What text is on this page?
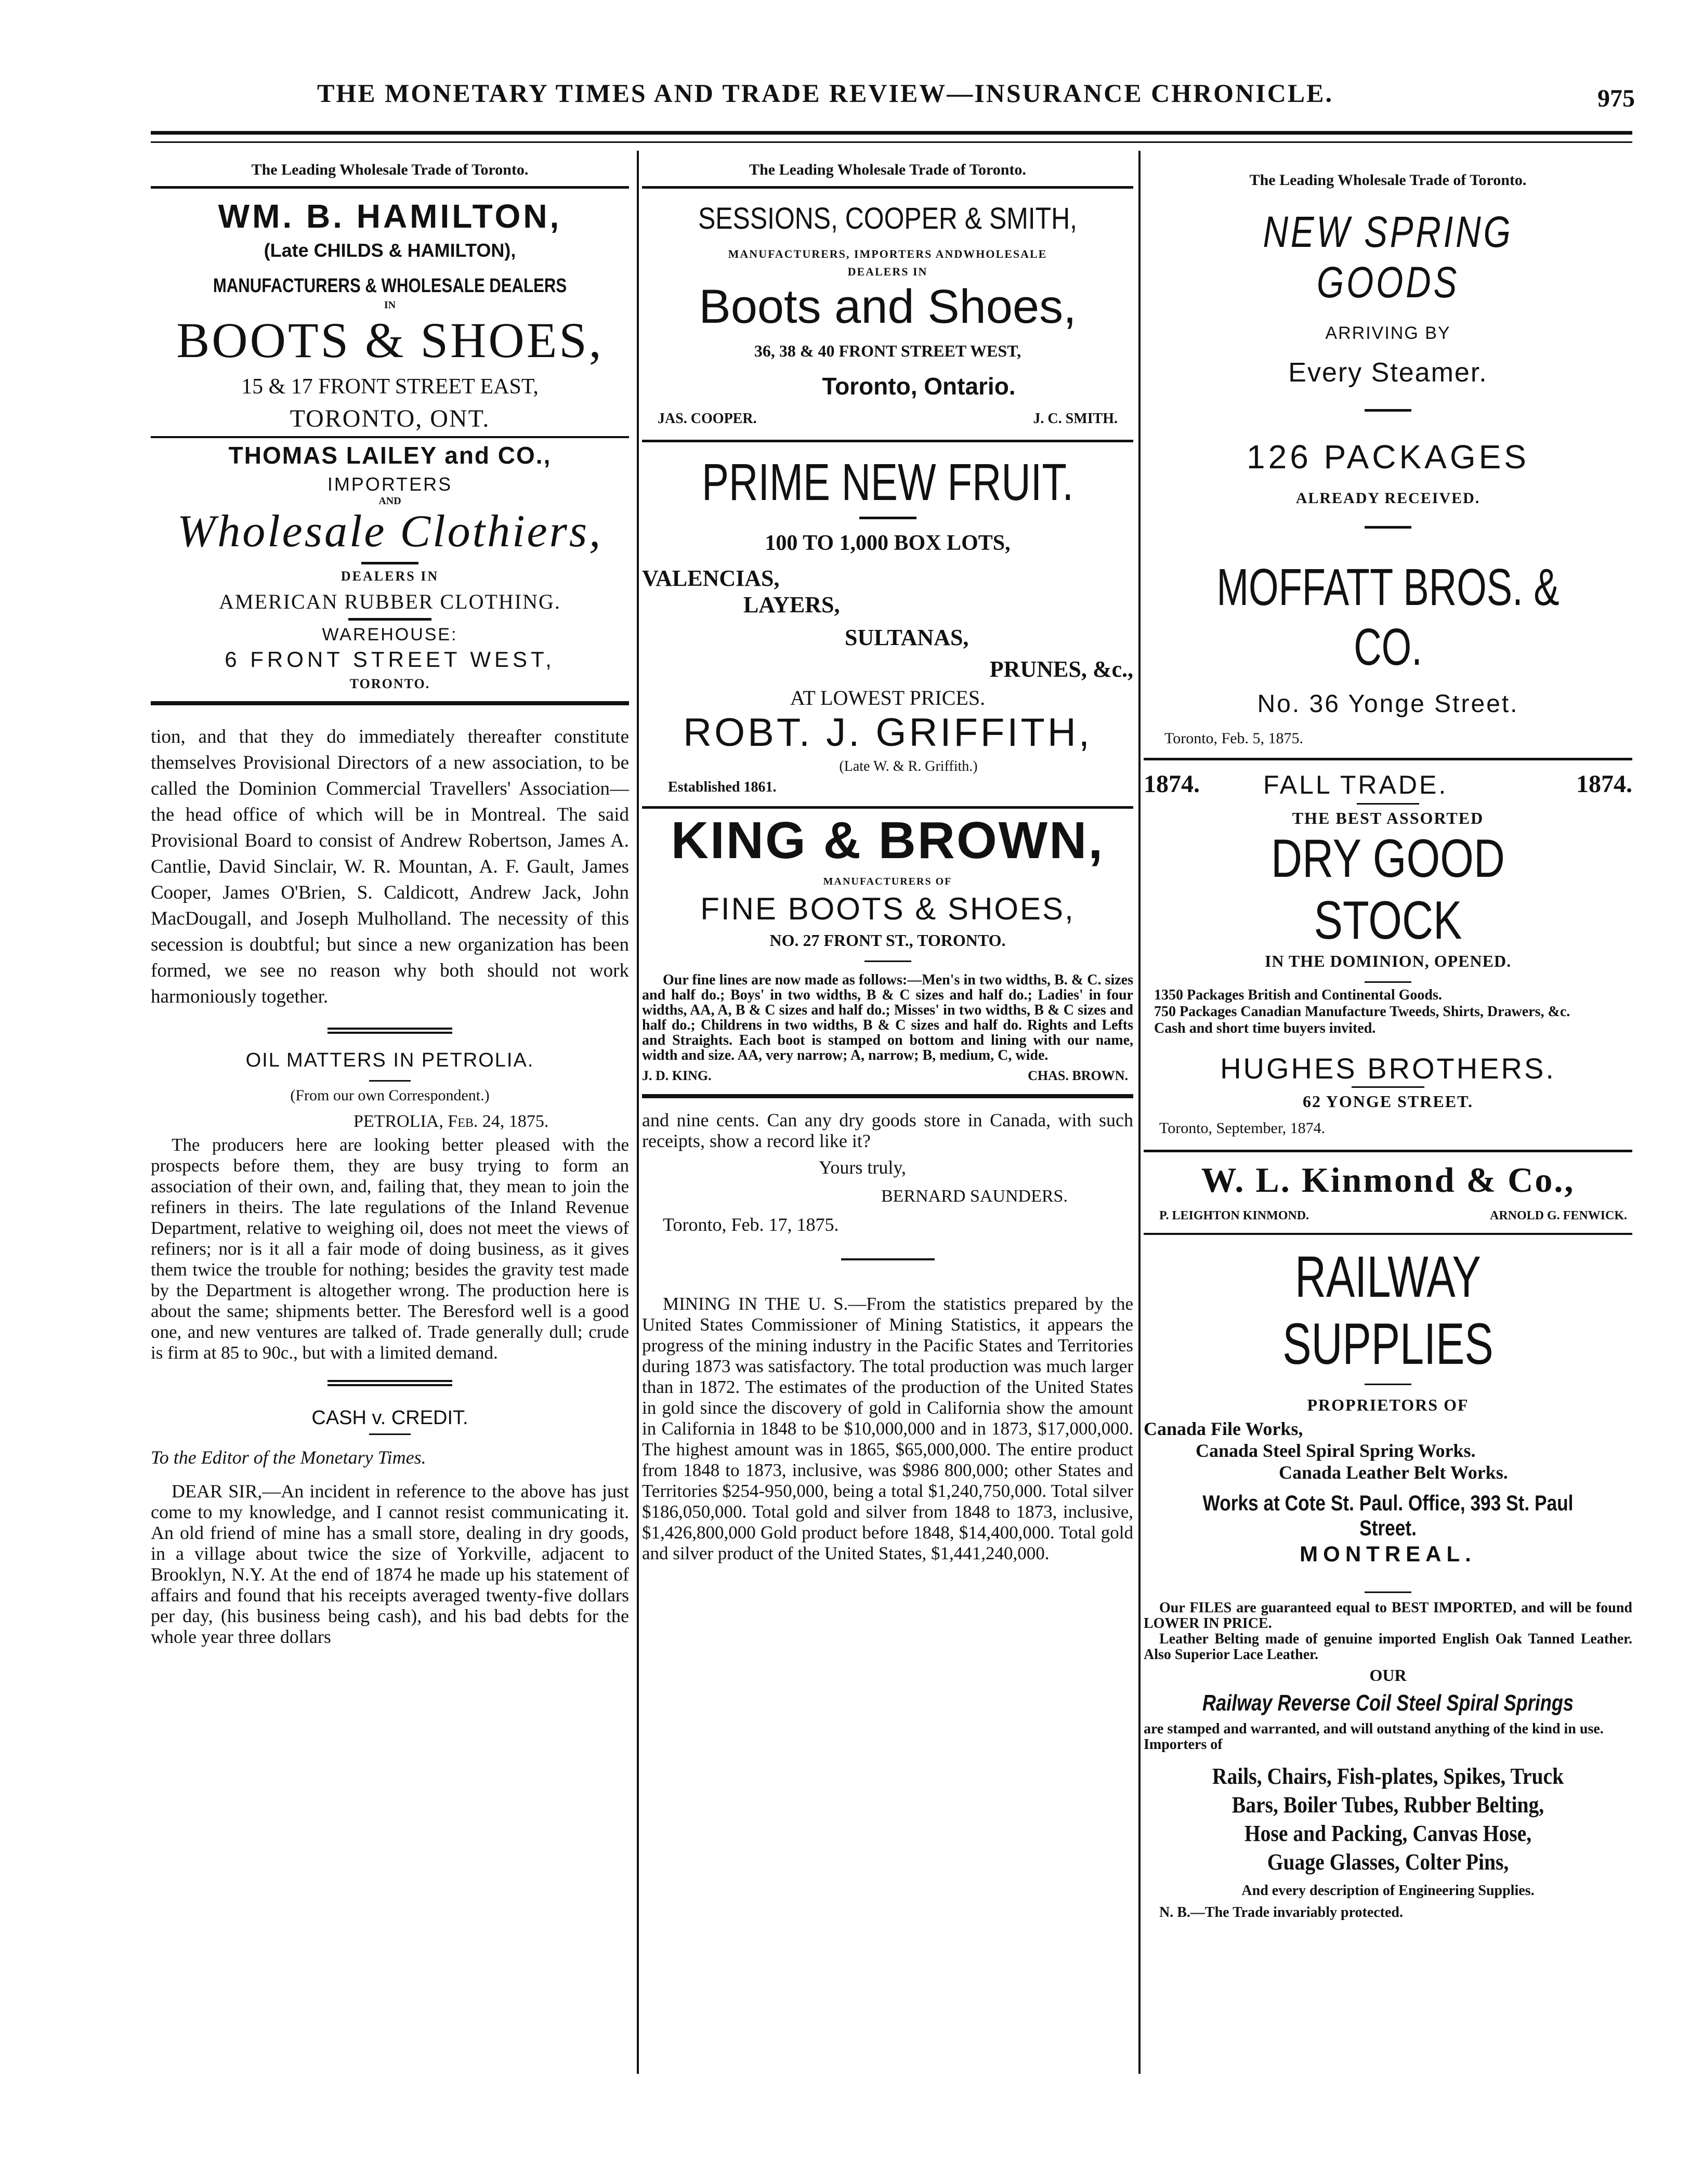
THE MONETARY TIMES AND TRADE REVIEW—INSURANCE CHRONICLE.	975
The Leading Wholesale Trade of Toronto.
WM. B. HAMILTON,
(Late CHILDS & HAMILTON),
MANUFACTURERS & WHOLESALE DEALERS
IN
BOOTS & SHOES,
15 & 17 FRONT STREET EAST,
TORONTO, ONT.
THOMAS LAILEY and CO.,
IMPORTERS
AND
Wholesale Clothiers,
DEALERS IN
AMERICAN RUBBER CLOTHING.
WAREHOUSE:
6 FRONT STREET WEST,
TORONTO.
tion, and that they do immediately thereafter constitute themselves Provisional Directors of a new association, to be called the Dominion Commercial Travellers' Association—the head office of which will be in Montreal. The said Provisional Board to consist of Andrew Robertson, James A. Cantlie, David Sinclair, W. R. Mountan, A. F. Gault, James Cooper, James O'Brien, S. Caldicott, Andrew Jack, John MacDougall, and Joseph Mulholland. The necessity of this secession is doubtful; but since a new organization has been formed, we see no reason why both should not work harmoniously together.
OIL MATTERS IN PETROLIA.
(From our own Correspondent.)
PETROLIA, Feb. 24, 1875.
The producers here are looking better pleased with the prospects before them, they are busy trying to form an association of their own, and, failing that, they mean to join the refiners in theirs. The late regulations of the Inland Revenue Department, relative to weighing oil, does not meet the views of refiners; nor is it all a fair mode of doing business, as it gives them twice the trouble for nothing; besides the gravity test made by the Department is altogether wrong. The production here is about the same; shipments better. The Beresford well is a good one, and new ventures are talked of. Trade generally dull; crude is firm at 85 to 90c., but with a limited demand.
CASH v. CREDIT.
To the Editor of the Monetary Times.
DEAR SIR,—An incident in reference to the above has just come to my knowledge, and I cannot resist communicating it. An old friend of mine has a small store, dealing in dry goods, in a village about twice the size of Yorkville, adjacent to Brooklyn, N.Y. At the end of 1874 he made up his statement of affairs and found that his receipts averaged twenty-five dollars per day, (his business being cash), and his bad debts for the whole year three dollars
The Leading Wholesale Trade of Toronto.
SESSIONS, COOPER & SMITH,
MANUFACTURERS, IMPORTERS ANDWHOLESALE
DEALERS IN
Boots and Shoes,
36, 38 & 40 FRONT STREET WEST,
Toronto, Ontario.
JAS. COOPER.	J. C. SMITH.
PRIME NEW FRUIT.
100 TO 1,000 BOX LOTS,
VALENCIAS,
LAYERS,
SULTANAS,
PRUNES, &c.,
AT LOWEST PRICES.
ROBT. J. GRIFFITH,
(Late W. & R. Griffith.)
Established 1861.
KING & BROWN,
MANUFACTURERS OF
FINE BOOTS & SHOES,
NO. 27 FRONT ST., TORONTO.
Our fine lines are now made as follows:—Men's in two widths, B. & C. sizes and half do.; Boys' in two widths, B & C sizes and half do.; Ladies' in four widths, AA, A, B & C sizes and half do.; Misses' in two widths, B & C sizes and half do.; Childrens in two widths, B & C sizes and half do. Rights and Lefts and Straights. Each boot is stamped on bottom and lining with our name, width and size. AA, very narrow; A, narrow; B, medium, C, wide.
J. D. KING.	CHAS. BROWN.
and nine cents. Can any dry goods store in Canada, with such receipts, show a record like it?
Yours truly,
BERNARD SAUNDERS.
Toronto, Feb. 17, 1875.
MINING IN THE U. S.—From the statistics prepared by the United States Commissioner of Mining Statistics, it appears the progress of the mining industry in the Pacific States and Territories during 1873 was satisfactory. The total production was much larger than in 1872. The estimates of the production of the United States in gold since the discovery of gold in California show the amount in California in 1848 to be $10,000,000 and in 1873, $17,000,000. The highest amount was in 1865, $65,000,000. The entire product from 1848 to 1873, inclusive, was $986 800,000; other States and Territories $254-950,000, being a total $1,240,750,000. Total silver $186,050,000. Total gold and silver from 1848 to 1873, inclusive, $1,426,800,000 Gold product before 1848, $14,400,000. Total gold and silver product of the United States, $1,441,240,000.
The Leading Wholesale Trade of Toronto.
NEW SPRING GOODS
ARRIVING BY
Every Steamer.
126 PACKAGES
ALREADY RECEIVED.
MOFFATT BROS. & CO.
No. 36 Yonge Street.
Toronto, Feb. 5, 1875.
1874. FALL TRADE.	1874.
THE BEST ASSORTED
DRY GOOD STOCK
IN THE DOMINION, OPENED.
1350 Packages British and Continental Goods.
750 Packages Canadian Manufacture Tweeds, Shirts, Drawers, &c.
Cash and short time buyers invited.
HUGHES BROTHERS.
62 YONGE STREET.
Toronto, September, 1874.
W. L. Kinmond & Co.,
P. LEIGHTON KINMOND.	ARNOLD G. FENWICK.
RAILWAY SUPPLIES
PROPRIETORS OF
Canada File Works,
Canada Steel Spiral Spring Works.
Canada Leather Belt Works.
Works at Cote St. Paul. Office, 393 St. Paul Street.
MONTREAL.
Our FILES are guaranteed equal to BEST IMPORTED, and will be found LOWER IN PRICE.
Leather Belting made of genuine imported English Oak Tanned Leather. Also Superior Lace Leather.
OUR
Railway Reverse Coil Steel Spiral Springs
are stamped and warranted, and will outstand anything of the kind in use. Importers of
Rails, Chairs, Fish-plates, Spikes, Truck
Bars, Boiler Tubes, Rubber Belting,
Hose and Packing, Canvas Hose,
Guage Glasses, Colter Pins,
And every description of Engineering Supplies.
N. B.—The Trade invariably protected.
